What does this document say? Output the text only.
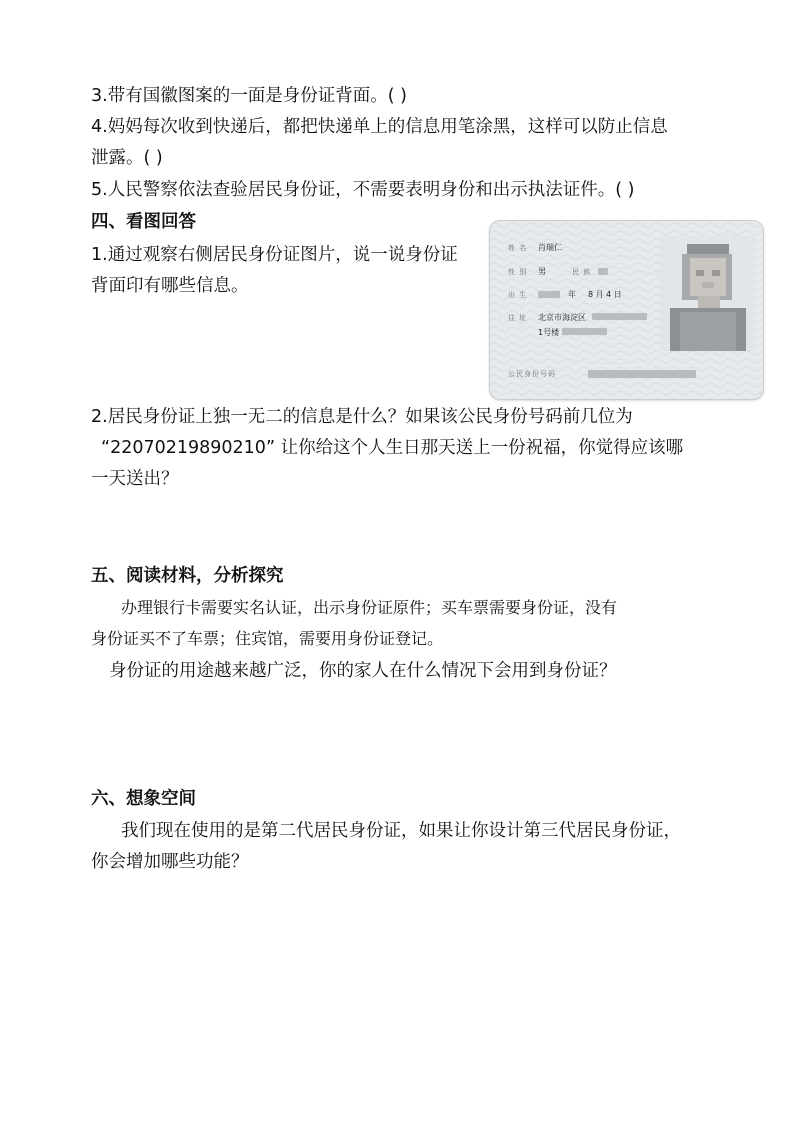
3.带有国徽图案的一面是身份证背面。( )
4.妈妈每次收到快递后，都把快递单上的信息用笔涂黑，这样可以防止信息
泄露。( )
5.人民警察依法查验居民身份证，不需要表明身份和出示执法证件。( )
四、看图回答
1.通过观察右侧居民身份证图片，说一说身份证
背面印有哪些信息。
姓 名 肖瑞仁
性 别 男	民 族
出 生	年 8 月 4 日
住 址 北京市海淀区
1号楼
公民身份号码
2.居民身份证上独一无二的信息是什么？如果该公民身份号码前几位为
“22070219890210” 让你给这个人生日那天送上一份祝福，你觉得应该哪
一天送出？
五、阅读材料，分析探究
办理银行卡需要实名认证，出示身份证原件；买车票需要身份证，没有
身份证买不了车票；住宾馆，需要用身份证登记。
身份证的用途越来越广泛，你的家人在什么情况下会用到身份证？
六、想象空间
我们现在使用的是第二代居民身份证，如果让你设计第三代居民身份证，
你会增加哪些功能？
